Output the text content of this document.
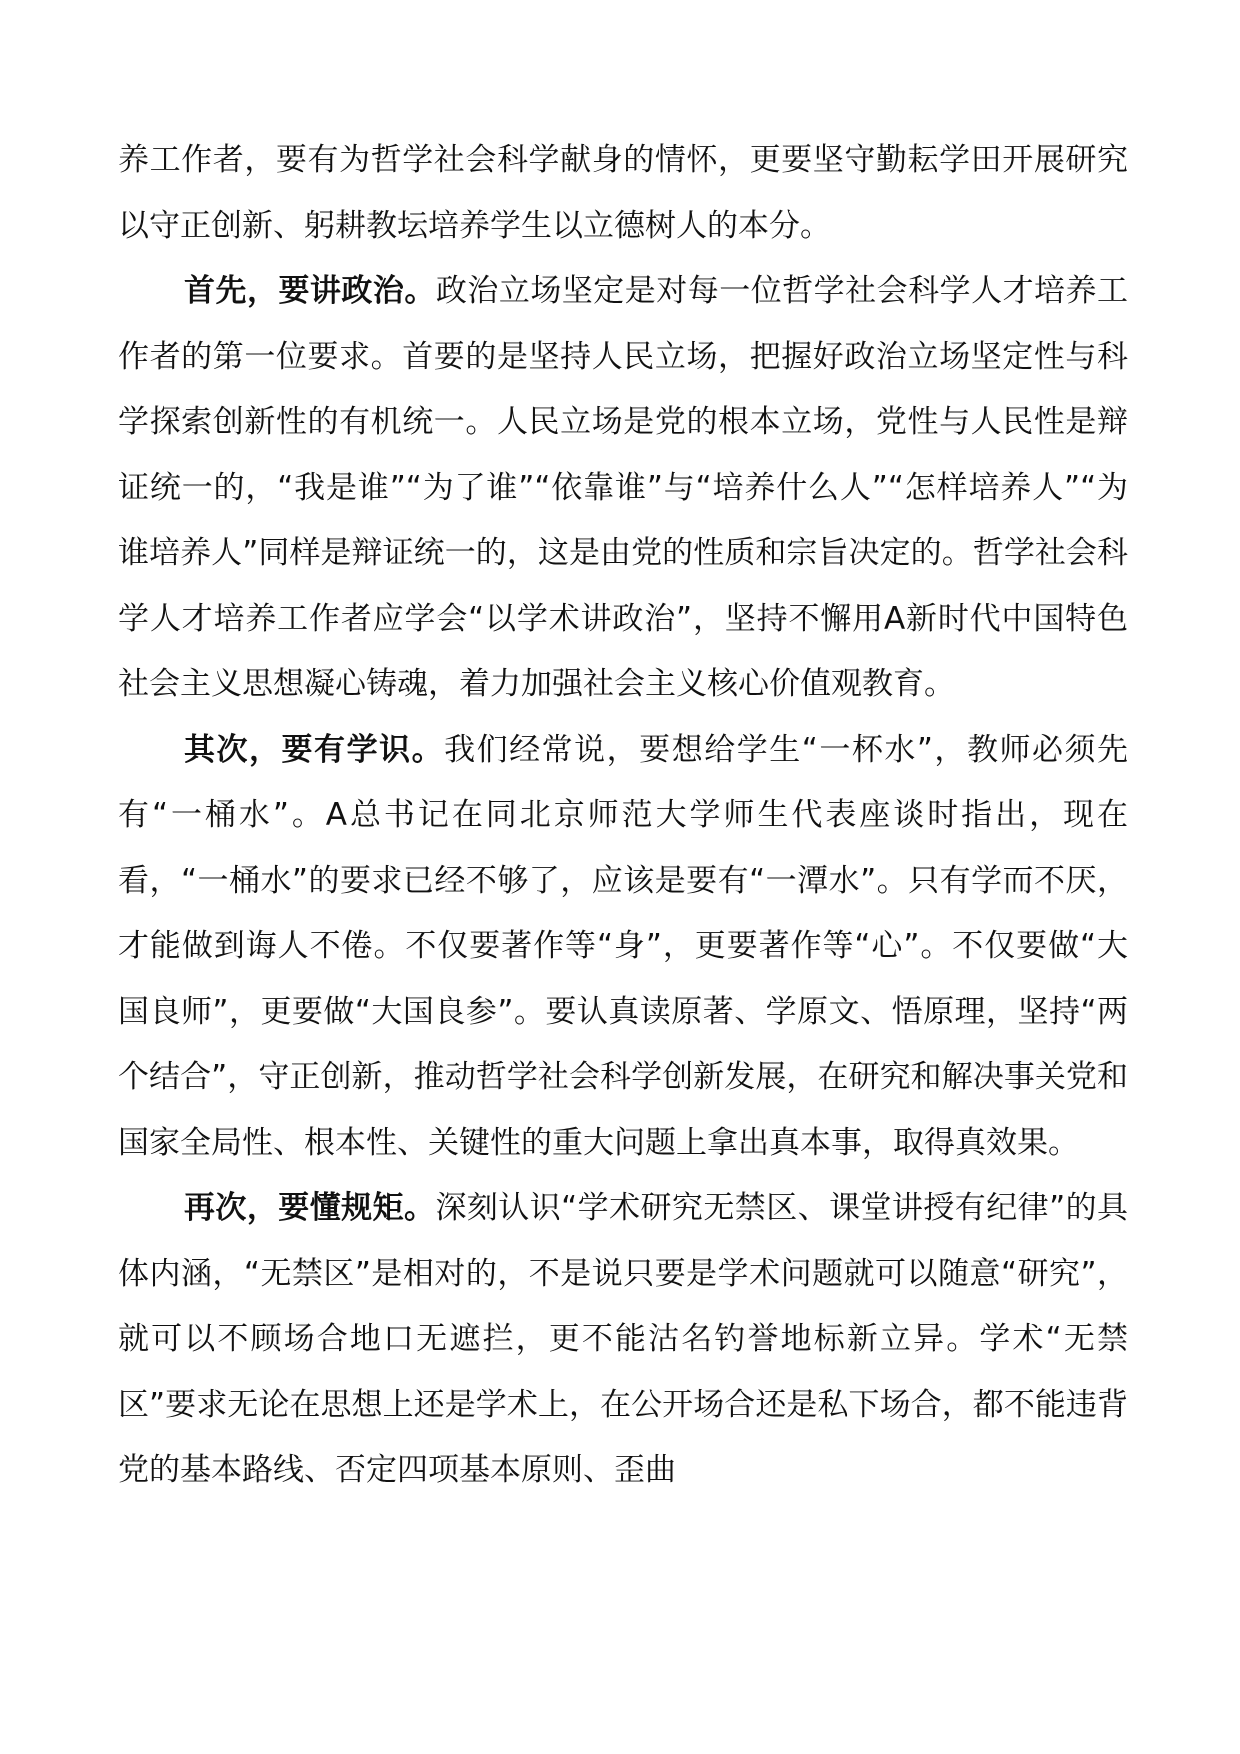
养工作者，要有为哲学社会科学献身的情怀，更要坚守勤耘学田开展研究以守正创新、躬耕教坛培养学生以立德树人的本分。

首先，要讲政治。政治立场坚定是对每一位哲学社会科学人才培养工作者的第一位要求。首要的是坚持人民立场，把握好政治立场坚定性与科学探索创新性的有机统一。人民立场是党的根本立场，党性与人民性是辩证统一的，“我是谁”“为了谁”“依靠谁”与“培养什么人”“怎样培养人”“为谁培养人”同样是辩证统一的，这是由党的性质和宗旨决定的。哲学社会科学人才培养工作者应学会“以学术讲政治”，坚持不懈用A新时代中国特色社会主义思想凝心铸魂，着力加强社会主义核心价值观教育。

其次，要有学识。我们经常说，要想给学生“一杯水”，教师必须先有“一桶水”。A总书记在同北京师范大学师生代表座谈时指出，现在看，“一桶水”的要求已经不够了，应该是要有“一潭水”。只有学而不厌，才能做到诲人不倦。不仅要著作等“身”，更要著作等“心”。不仅要做“大国良师”，更要做“大国良参”。要认真读原著、学原文、悟原理，坚持“两个结合”，守正创新，推动哲学社会科学创新发展，在研究和解决事关党和国家全局性、根本性、关键性的重大问题上拿出真本事，取得真效果。

再次，要懂规矩。深刻认识“学术研究无禁区、课堂讲授有纪律”的具体内涵，“无禁区”是相对的，不是说只要是学术问题就可以随意“研究”，就可以不顾场合地口无遮拦，更不能沽名钓誉地标新立异。学术“无禁区”要求无论在思想上还是学术上，在公开场合还是私下场合，都不能违背党的基本路线、否定四项基本原则、歪曲
